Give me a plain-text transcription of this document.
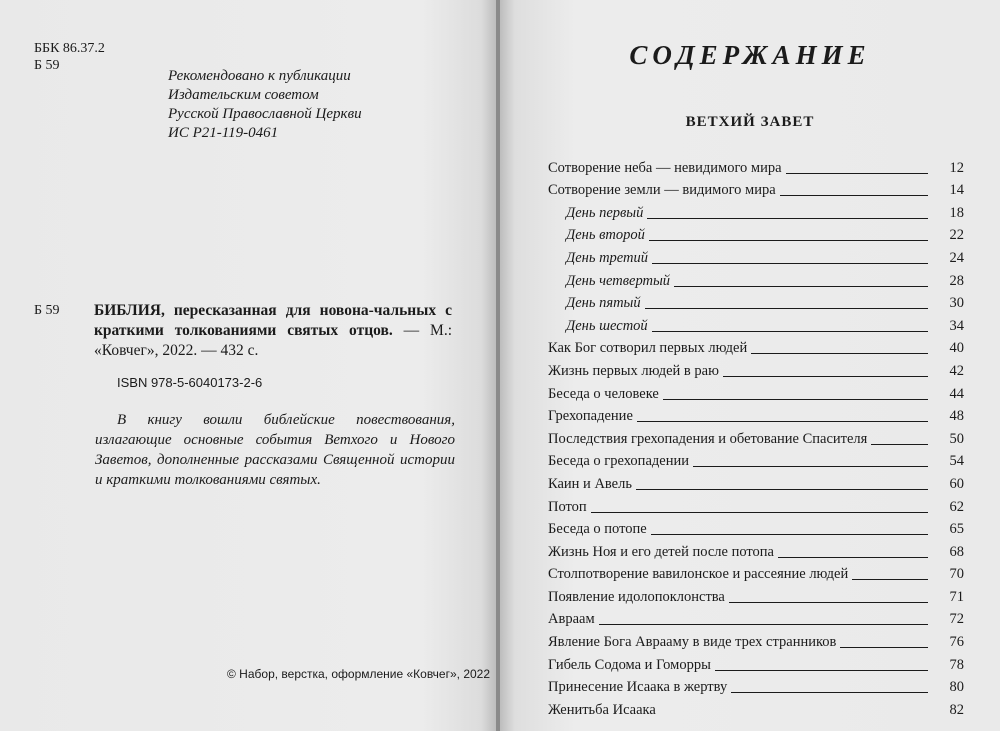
ББК 86.37.2
Б 59
Рекомендовано к публикации
Издательским советом
Русской Православной Церкви
ИС Р21-119-0461
Б 59 БИБЛИЯ, пересказанная для новона-чальных с краткими толкованиями святых отцов. — М.: «Ковчег», 2022. — 432 с.
ISBN 978-5-6040173-2-6
В книгу вошли библейские повествования, излагающие основные события Ветхого и Нового Заветов, дополненные рассказами Священной истории и краткими толкованиями святых.
© Набор, верстка, оформление «Ковчег», 2022
СОДЕРЖАНИЕ
ВЕТХИЙ ЗАВЕТ
Сотворение неба — невидимого мира	12
Сотворение земли — видимого мира	14
День первый	18
День второй	22
День третий	24
День четвертый	28
День пятый	30
День шестой	34
Как Бог сотворил первых людей	40
Жизнь первых людей в раю	42
Беседа о человеке	44
Грехопадение	48
Последствия грехопадения и обетование Спасителя	50
Беседа о грехопадении	54
Каин и Авель	60
Потоп	62
Беседа о потопе	65
Жизнь Ноя и его детей после потопа	68
Столпотворение вавилонское и рассеяние людей	70
Появление идолопоклонства	71
Авраам	72
Явление Бога Аврааму в виде трех странников	76
Гибель Содома и Гоморры	78
Принесение Исаака в жертву	80
Женитьба Исаака	82
